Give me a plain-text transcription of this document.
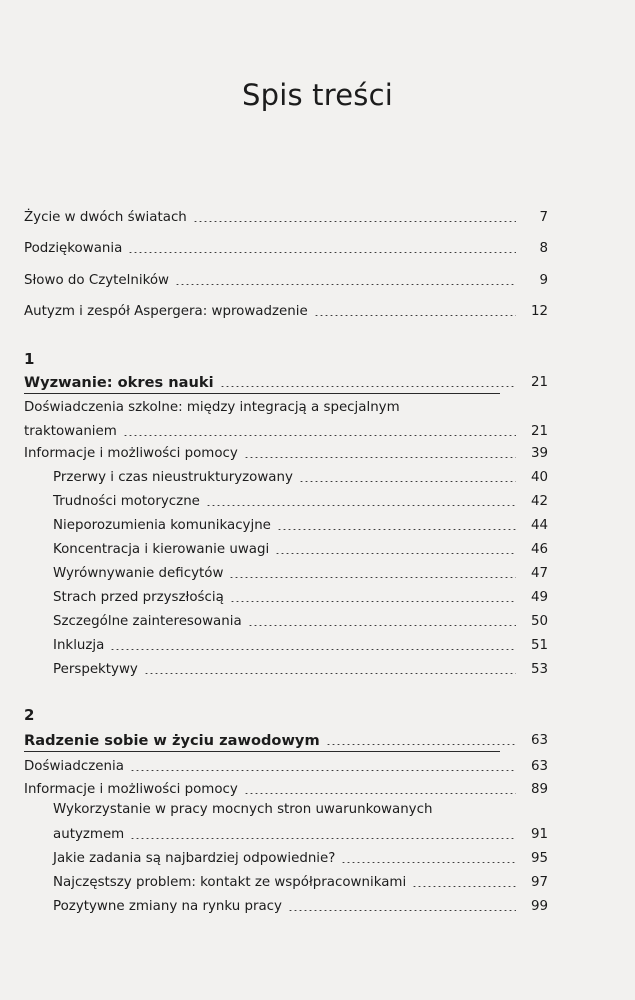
Spis treści
Życie w dwóch światach	7
Podziękowania	8
Słowo do Czytelników	9
Autyzm i zespół Aspergera: wprowadzenie	12
1
Wyzwanie: okres nauki	21
Doświadczenia szkolne: między integracją a specjalnym
traktowaniem	21
Informacje i możliwości pomocy	39
Przerwy i czas nieustrukturyzowany	40
Trudności motoryczne	42
Nieporozumienia komunikacyjne	44
Koncentracja i kierowanie uwagi	46
Wyrównywanie deficytów	47
Strach przed przyszłością	49
Szczególne zainteresowania	50
Inkluzja	51
Perspektywy	53
2
Radzenie sobie w życiu zawodowym	63
Doświadczenia	63
Informacje i możliwości pomocy	89
Wykorzystanie w pracy mocnych stron uwarunkowanych
autyzmem	91
Jakie zadania są najbardziej odpowiednie?	95
Najczęstszy problem: kontakt ze współpracownikami	97
Pozytywne zmiany na rynku pracy	99
